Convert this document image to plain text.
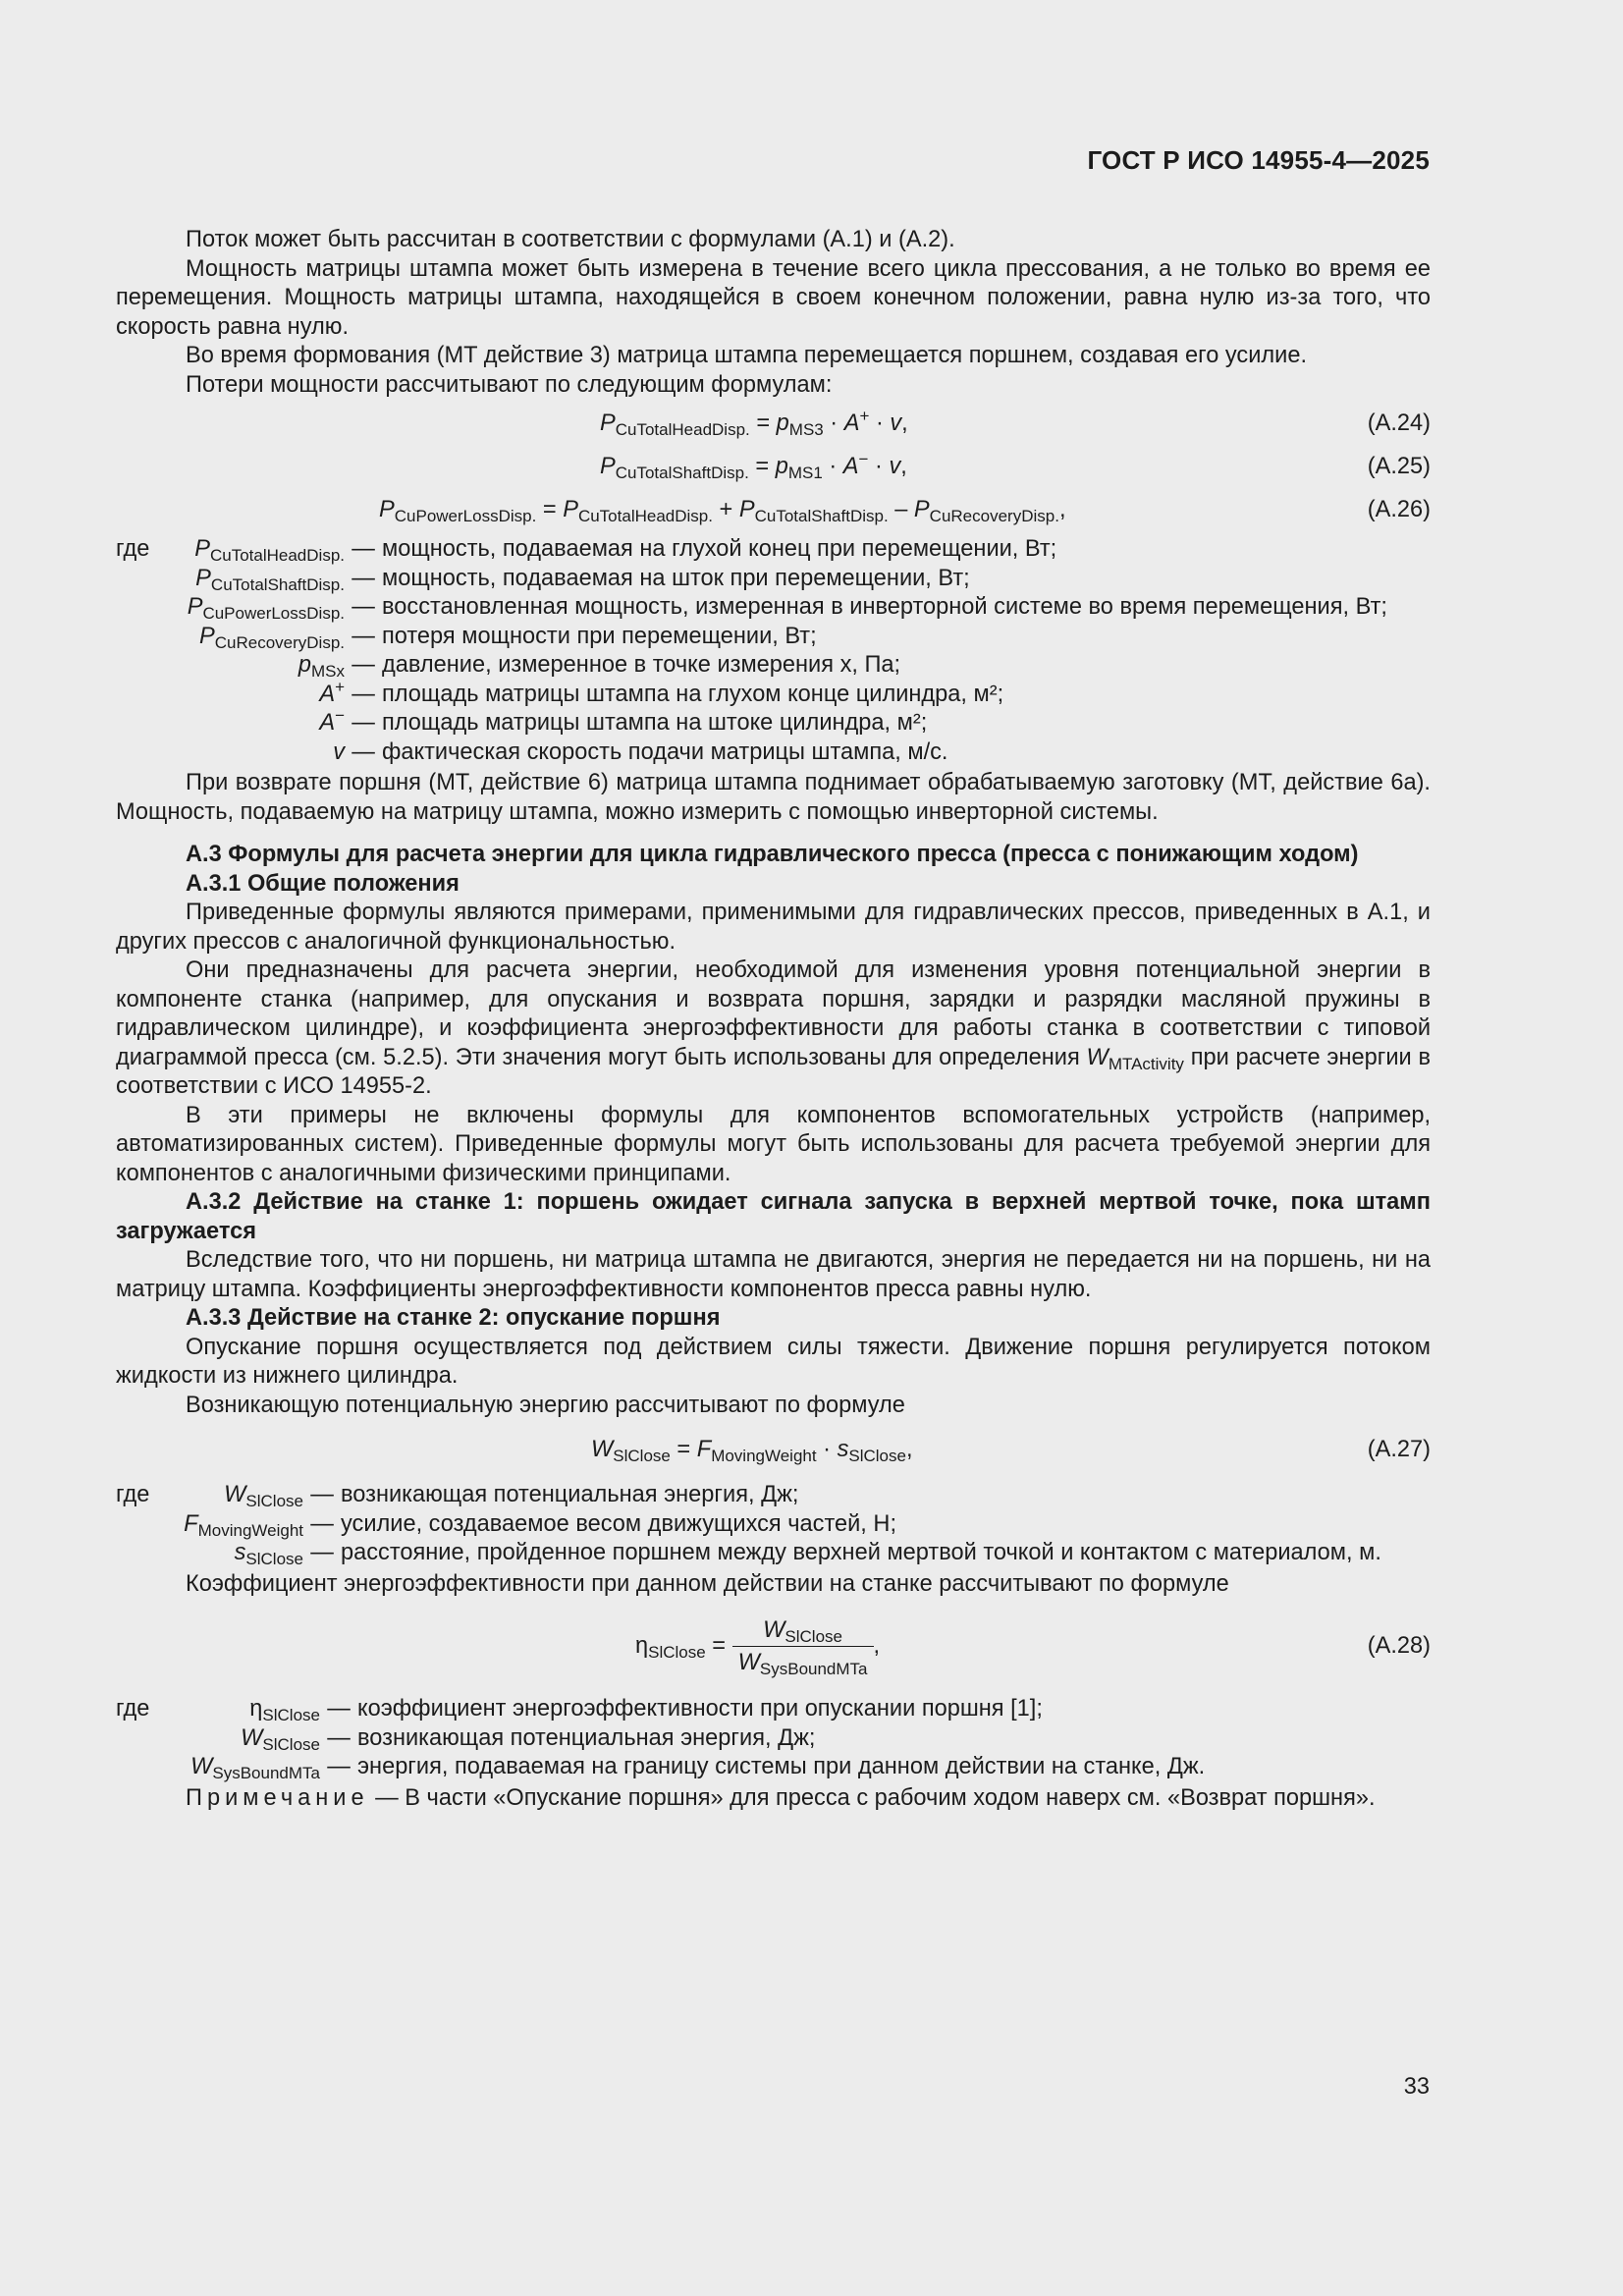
ГОСТ Р ИСО 14955-4—2025

Поток может быть рассчитан в соответствии с формулами (А.1) и (А.2).

Мощность матрицы штампа может быть измерена в течение всего цикла прессования, а не только во время ее перемещения. Мощность матрицы штампа, находящейся в своем конечном положении, равна нулю из-за того, что скорость равна нулю.

Во время формования (MT действие 3) матрица штампа перемещается поршнем, создавая его усилие.

Потери мощности рассчитывают по следующим формулам:

$P_{CuTotalHeadDisp.} = p_{MS3} \cdot A^+ \cdot v$,	(А.24)
$P_{CuTotalShaftDisp.} = p_{MS1} \cdot A^- \cdot v$,	(А.25)
$P_{CuPowerLossDisp.} = P_{CuTotalHeadDisp.} + P_{CuTotalShaftDisp.} - P_{CuRecoveryDisp.}$,	(А.26)
где	$P_{CuTotalHeadDisp.}$ — мощность, подаваемая на глухой конец при перемещении, Вт;
$P_{CuTotalShaftDisp.}$ — мощность, подаваемая на шток при перемещении, Вт;
$P_{CuPowerLossDisp.}$ — восстановленная мощность, измеренная в инверторной системе во время перемещения, Вт;
$P_{CuRecoveryDisp.}$ — потеря мощности при перемещении, Вт;
$p_{MSx}$ — давление, измеренное в точке измерения x, Па;
A+ — площадь матрицы штампа на глухом конце цилиндра, м²;
A− — площадь матрицы штампа на штоке цилиндра, м²;
v — фактическая скорость подачи матрицы штампа, м/с.

При возврате поршня (MT, действие 6) матрица штампа поднимает обрабатываемую заготовку (MT, действие 6а). Мощность, подаваемую на матрицу штампа, можно измерить с помощью инверторной системы.

А.3 Формулы для расчета энергии для цикла гидравлического пресса (пресса с понижающим ходом)

А.3.1 Общие положения

Приведенные формулы являются примерами, применимыми для гидравлических прессов, приведенных в А.1, и других прессов с аналогичной функциональностью.

Они предназначены для расчета энергии, необходимой для изменения уровня потенциальной энергии в компоненте станка (например, для опускания и возврата поршня, зарядки и разрядки масляной пружины в гидравлическом цилиндре), и коэффициента энергоэффективности для работы станка в соответствии с типовой диаграммой пресса (см. 5.2.5). Эти значения могут быть использованы для определения $W_{MTActivity}$ при расчете энергии в соответствии с ИСО 14955-2.

В эти примеры не включены формулы для компонентов вспомогательных устройств (например, автоматизированных систем). Приведенные формулы могут быть использованы для расчета требуемой энергии для компонентов с аналогичными физическими принципами.

А.3.2 Действие на станке 1: поршень ожидает сигнала запуска в верхней мертвой точке, пока штамп загружается

Вследствие того, что ни поршень, ни матрица штампа не двигаются, энергия не передается ни на поршень, ни на матрицу штампа. Коэффициенты энергоэффективности компонентов пресса равны нулю.

А.3.3 Действие на станке 2: опускание поршня

Опускание поршня осуществляется под действием силы тяжести. Движение поршня регулируется потоком жидкости из нижнего цилиндра.

Возникающую потенциальную энергию рассчитывают по формуле

$W_{SlClose} = F_{MovingWeight} \cdot s_{SlClose}$,	(А.27)
где	$W_{SlClose}$ — возникающая потенциальная энергия, Дж;
$F_{MovingWeight}$ — усилие, создаваемое весом движущихся частей, Н;
$s_{SlClose}$ — расстояние, пройденное поршнем между верхней мертвой точкой и контактом с материалом, м.

Коэффициент энергоэффективности при данном действии на станке рассчитывают по формуле

$\eta_{SlClose} = \frac{W_{SlClose}}{W_{SysBoundMTa}}$ ,	(А.28)
где	$\eta_{SlClose}$ — коэффициент энергоэффективности при опускании поршня [1];
$W_{SlClose}$ — возникающая потенциальная энергия, Дж;
$W_{SysBoundMTa}$ — энергия, подаваемая на границу системы при данном действии на станке, Дж.

Примечание — В части «Опускание поршня» для пресса с рабочим ходом наверх см. «Возврат поршня».

33
